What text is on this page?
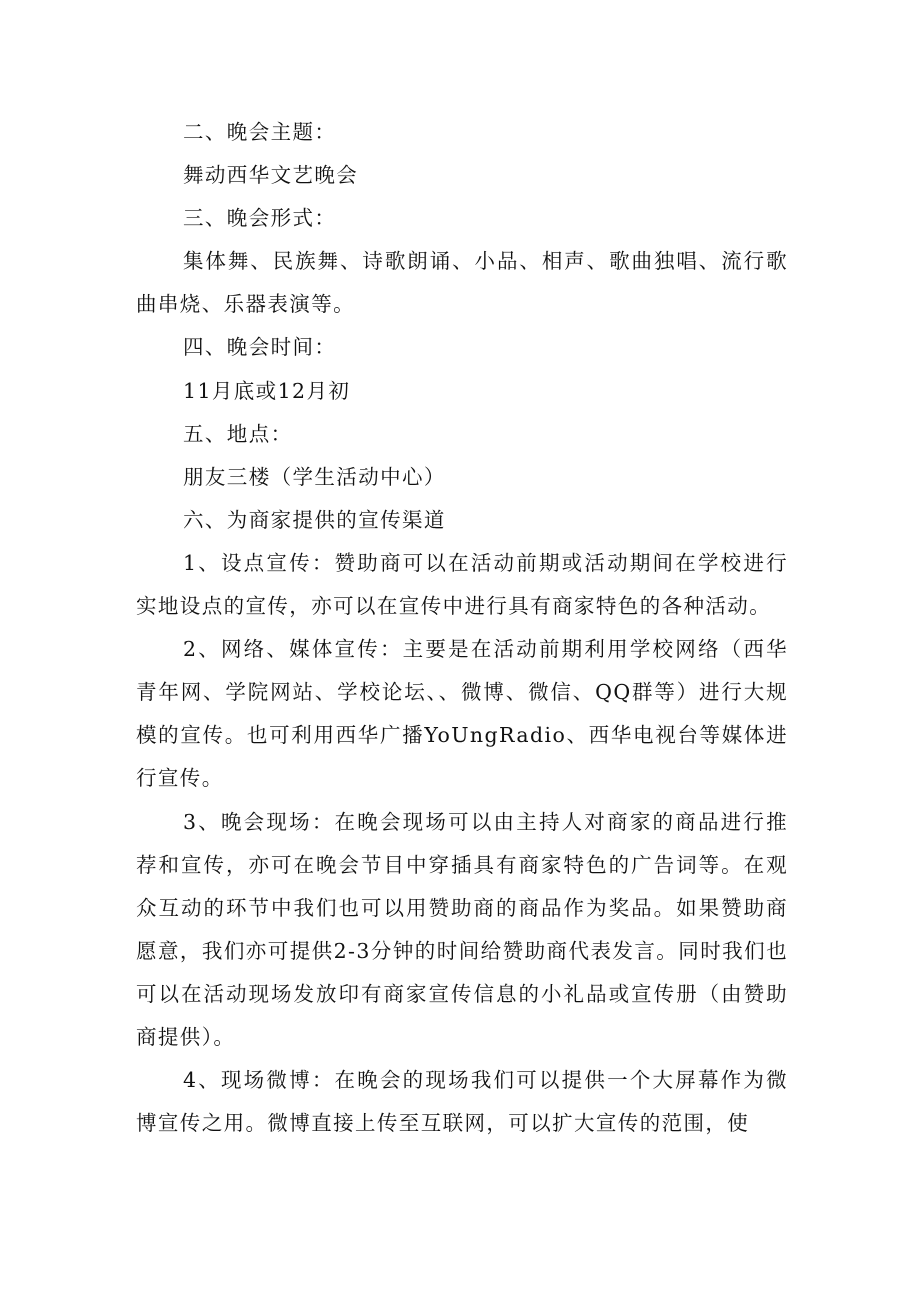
二、晚会主题：

舞动西华文艺晚会

三、晚会形式：

集体舞、民族舞、诗歌朗诵、小品、相声、歌曲独唱、流行歌曲串烧、乐器表演等。

四、晚会时间：

11月底或12月初

五、地点：

朋友三楼（学生活动中心）

六、为商家提供的宣传渠道

1、设点宣传：赞助商可以在活动前期或活动期间在学校进行实地设点的宣传，亦可以在宣传中进行具有商家特色的各种活动。

2、网络、媒体宣传：主要是在活动前期利用学校网络（西华青年网、学院网站、学校论坛、、微博、微信、QQ群等）进行大规模的宣传。也可利用西华广播YoUngRadio、西华电视台等媒体进行宣传。

3、晚会现场：在晚会现场可以由主持人对商家的商品进行推荐和宣传，亦可在晚会节目中穿插具有商家特色的广告词等。在观众互动的环节中我们也可以用赞助商的商品作为奖品。如果赞助商愿意，我们亦可提供2-3分钟的时间给赞助商代表发言。同时我们也可以在活动现场发放印有商家宣传信息的小礼品或宣传册（由赞助商提供）。

4、现场微博：在晚会的现场我们可以提供一个大屏幕作为微博宣传之用。微博直接上传至互联网，可以扩大宣传的范围，使
